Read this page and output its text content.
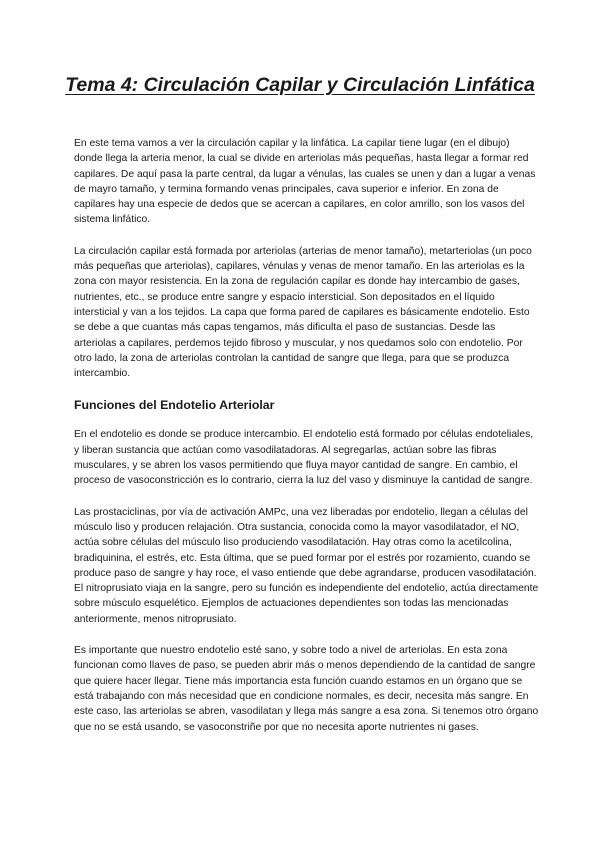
Tema 4: Circulación Capilar y Circulación Linfática

En este tema vamos a ver la circulación capilar y la linfática. La capilar tiene lugar (en el dibujo) donde llega la arteria menor, la cual se divide en arteriolas más pequeñas, hasta llegar a formar red capilares. De aquí pasa la parte central, da lugar a vénulas, las cuales se unen y dan a lugar a venas de mayro tamaño, y termina formando venas principales, cava superior e inferior. En zona de capilares hay una especie de dedos que se acercan a capilares, en color amrillo, son los vasos del sistema linfático.

La circulación capilar está formada por arteriolas (arterias de menor tamaño), metarteriolas (un poco más pequeñas que arteriolas), capilares, vénulas y venas de menor tamaño. En las arteriolas es la zona con mayor resistencia. En la zona de regulación capilar es donde hay intercambio de gases, nutrientes, etc., se produce entre sangre y espacio intersticial. Son depositados en el líquido intersticial y van a los tejidos. La capa que forma pared de capilares es básicamente endotelio. Esto se debe a que cuantas más capas tengamos, más dificulta el paso de sustancias. Desde las arteriolas a capilares, perdemos tejido fibroso y muscular, y nos quedamos solo con endotelio. Por otro lado, la zona de arteriolas controlan la cantidad de sangre que llega, para que se produzca intercambio.

Funciones del Endotelio Arteriolar

En el endotelio es donde se produce intercambio. El endotelio está formado por células endoteliales, y liberan sustancia que actúan como vasodilatadoras. Al segregarlas, actúan sobre las fibras musculares, y se abren los vasos permitiendo que fluya mayor cantidad de sangre. En cambio, el proceso de vasoconstricción es lo contrario, cierra la luz del vaso y disminuye la cantidad de sangre.

Las prostaciclinas, por vía de activación AMPc, una vez liberadas por endotelio, llegan a células del músculo liso y producen relajación. Otra sustancia, conocida como la mayor vasodilatador, el NO, actúa sobre células del músculo liso produciendo vasodilatación. Hay otras como la acetilcolina, bradiquinina, el estrés, etc. Esta última, que se pued formar por el estrés por rozamiento, cuando se produce paso de sangre y hay roce, el vaso entiende que debe agrandarse, producen vasodilatación. El nitroprusiato viaja en la sangre, pero su función es independiente del endotelio, actúa directamente sobre músculo esquelético. Ejemplos de actuaciones dependientes son todas las mencionadas anteriormente, menos nitroprusiato.

Es importante que nuestro endotelio esté sano, y sobre todo a nivel de arteriolas. En esta zona funcionan como llaves de paso, se pueden abrir más o menos dependiendo de la cantidad de sangre que quiere hacer llegar. Tiene más importancia esta función cuando estamos en un órgano que se está trabajando con más necesidad que en condicione normales, es decir, necesita más sangre. En este caso, las arteriolas se abren, vasodilatan y llega más sangre a esa zona. Si tenemos otro órgano que no se está usando, se vasoconstriñe por que no necesita aporte nutrientes ni gases.
